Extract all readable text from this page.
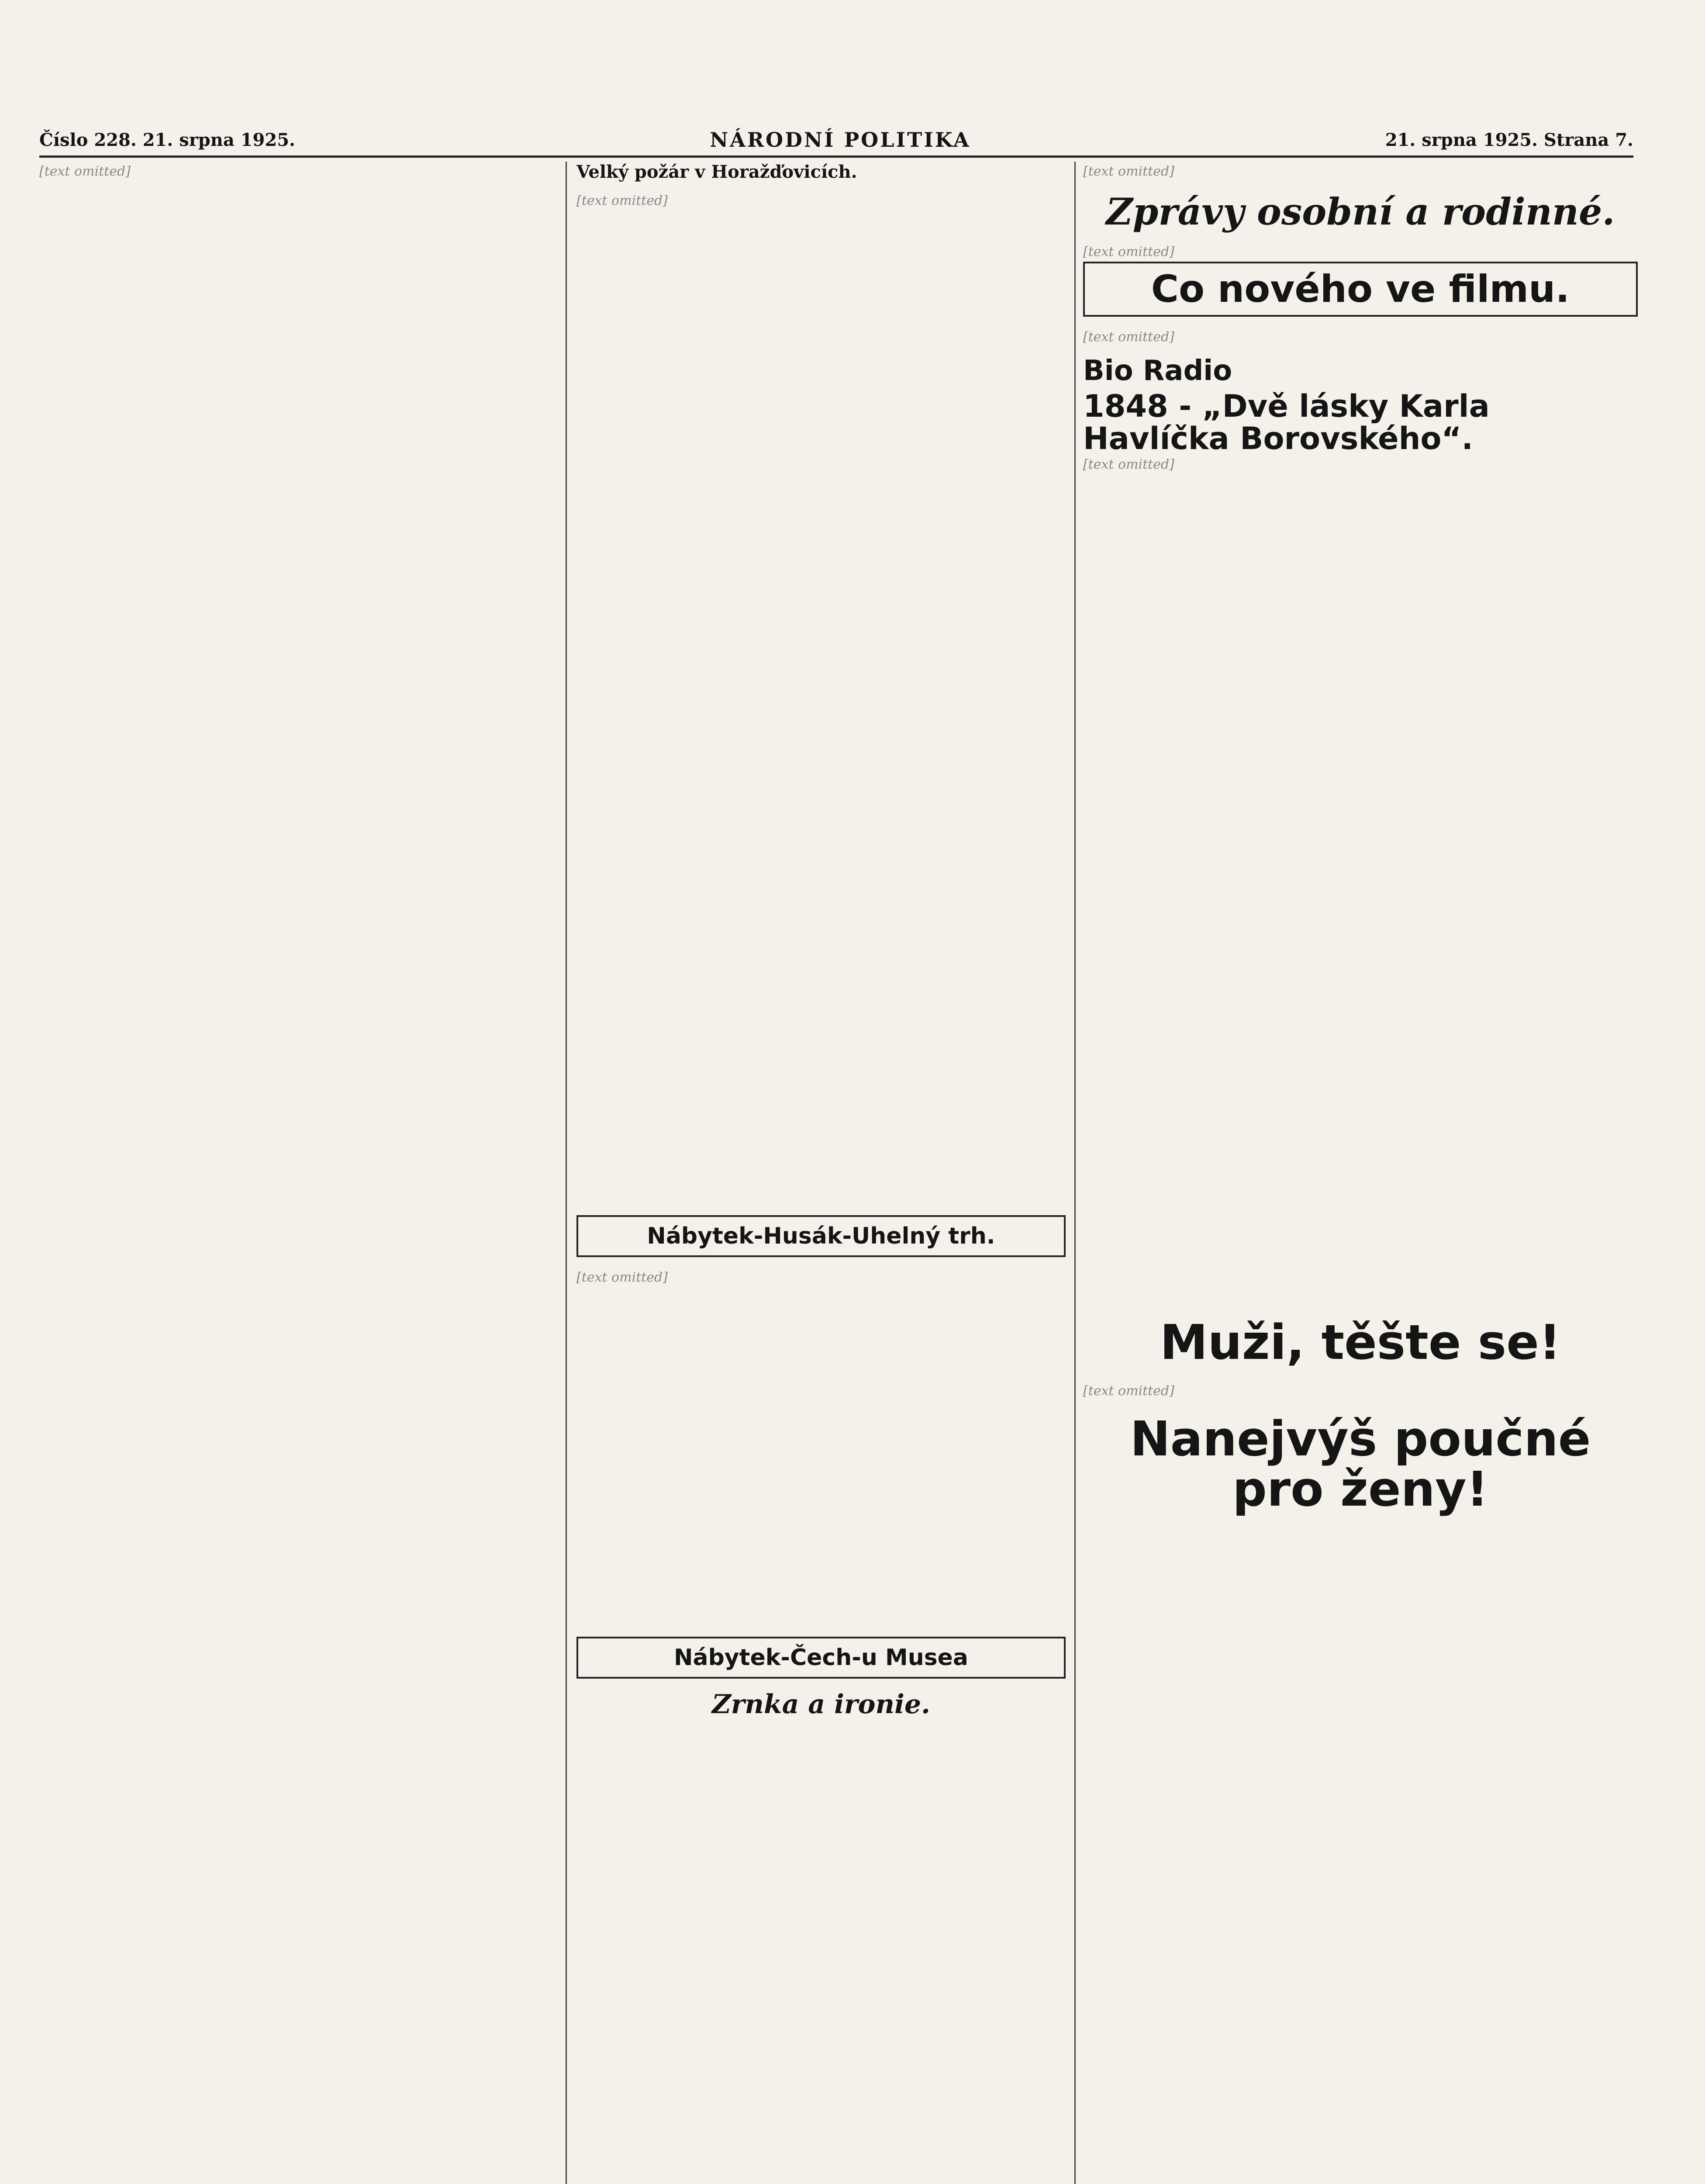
Číslo 228. 21. srpna 1925.	NÁRODNÍ POLITIKA	21. srpna 1925. Strana 7.
[text omitted]	Velký požár v Horažďovicích.
[text omitted]
Nábytek-Husák-Uhelný trh.
[text omitted]
Nábytek-Čech-u Musea
Zrnka a ironie.
[text omitted]
Zprávy osobní a rodinné.
[text omitted]
Co nového ve filmu.
[text omitted]
Bio Radio
1848 - „Dvě lásky Karla Havlíčka Borovského“.
[text omitted]
Muži, těšte se!
[text omitted]
Nanejvýš poučné pro ženy!
